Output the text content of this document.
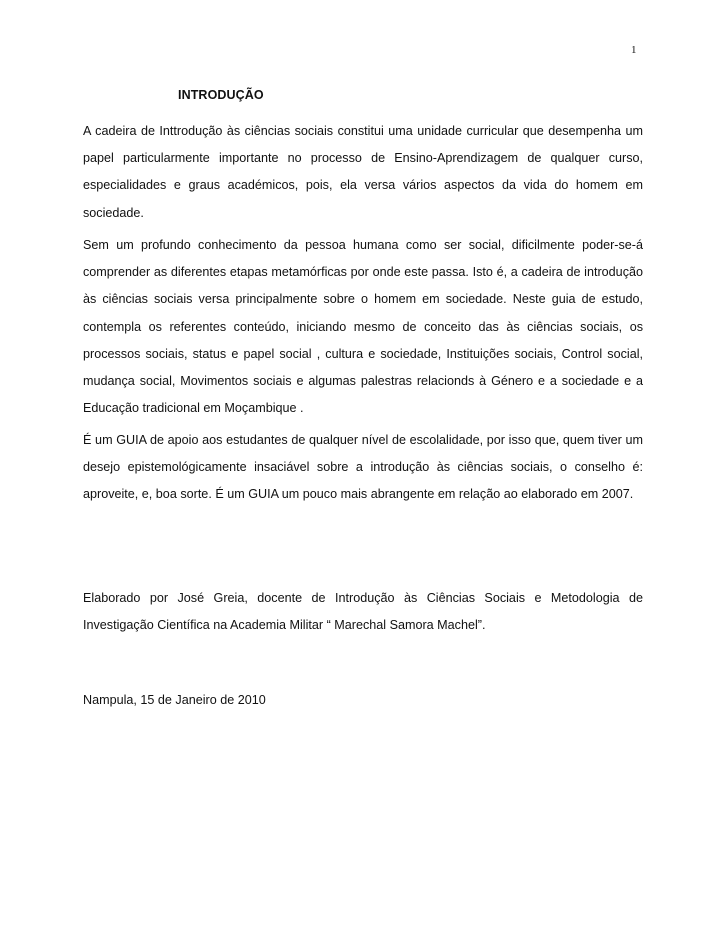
1
INTRODUÇÃO

A cadeira de Inttrodução às ciências sociais constitui uma unidade curricular que desempenha um papel particularmente importante no processo de Ensino-Aprendizagem de qualquer curso, especialidades e graus académicos, pois, ela versa vários aspectos da vida do homem em sociedade.

Sem um profundo conhecimento da pessoa humana como ser social, dificilmente poder-se-á comprender as diferentes etapas metamórficas por onde este passa. Isto é, a cadeira de introdução às ciências sociais versa principalmente sobre o homem em sociedade. Neste guia de estudo, contempla os referentes conteúdo, iniciando mesmo de conceito das às ciências sociais, os processos sociais, status e papel social , cultura e sociedade, Instituições sociais, Control social, mudança social, Movimentos sociais e algumas palestras relacionds à Género e a sociedade e a Educação tradicional em Moçambique .

É um GUIA de apoio aos estudantes de qualquer nível de escolalidade, por isso que, quem tiver um desejo epistemológicamente insaciável sobre a introdução às ciências sociais, o conselho é: aproveite, e, boa sorte. É um GUIA um pouco mais abrangente em relação ao elaborado em 2007.

Elaborado por José Greia, docente de Introdução às Ciências Sociais e Metodologia de Investigação Científica na Academia Militar “ Marechal Samora Machel”.

Nampula, 15 de Janeiro de 2010
